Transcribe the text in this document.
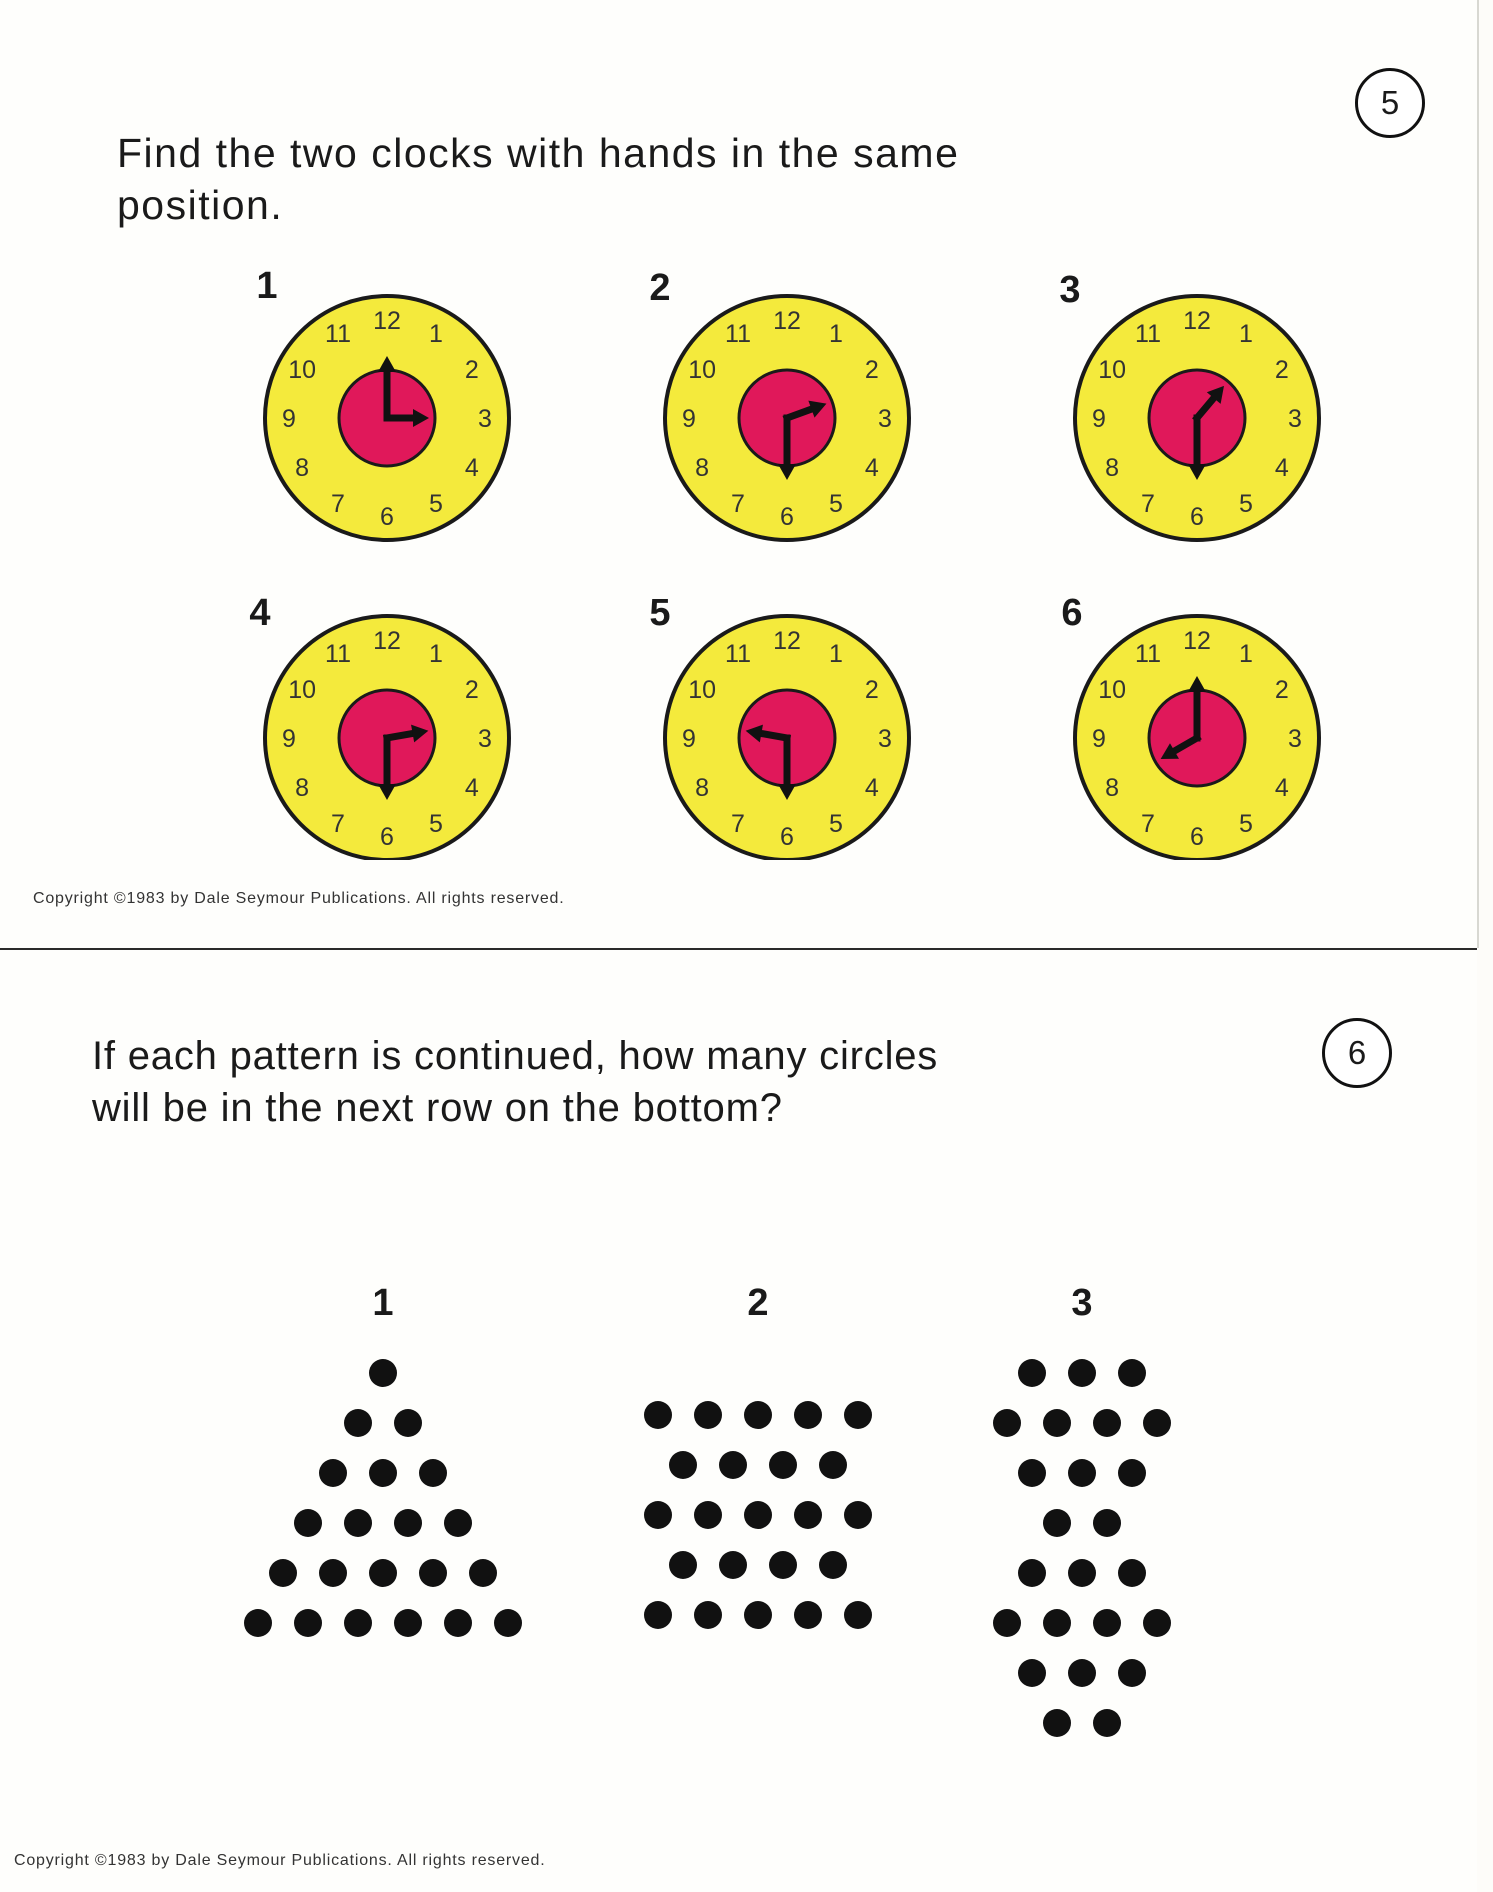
5

Find the two clocks with hands in the same
position.

1
12 1
2
3
4
5
6
7
8
9
10
11
2
12 1
2
3
4
5
6
7
8
9
10
11
3
12 1
2
3
4
5
6
7
8
9
10
11
4
12 1
2
3
4
5
6
7
8
9
10
11
5
12 1
2
3
4
5
6
7
8
9
10
11
6
12 1
2
3
4
5
6
7
8
9
10
11
Copyright ©1983 by Dale Seymour Publications. All rights reserved.
6

If each pattern is continued, how many circles
will be in the next row on the bottom?

1	2	3
Copyright ©1983 by Dale Seymour Publications. All rights reserved.
